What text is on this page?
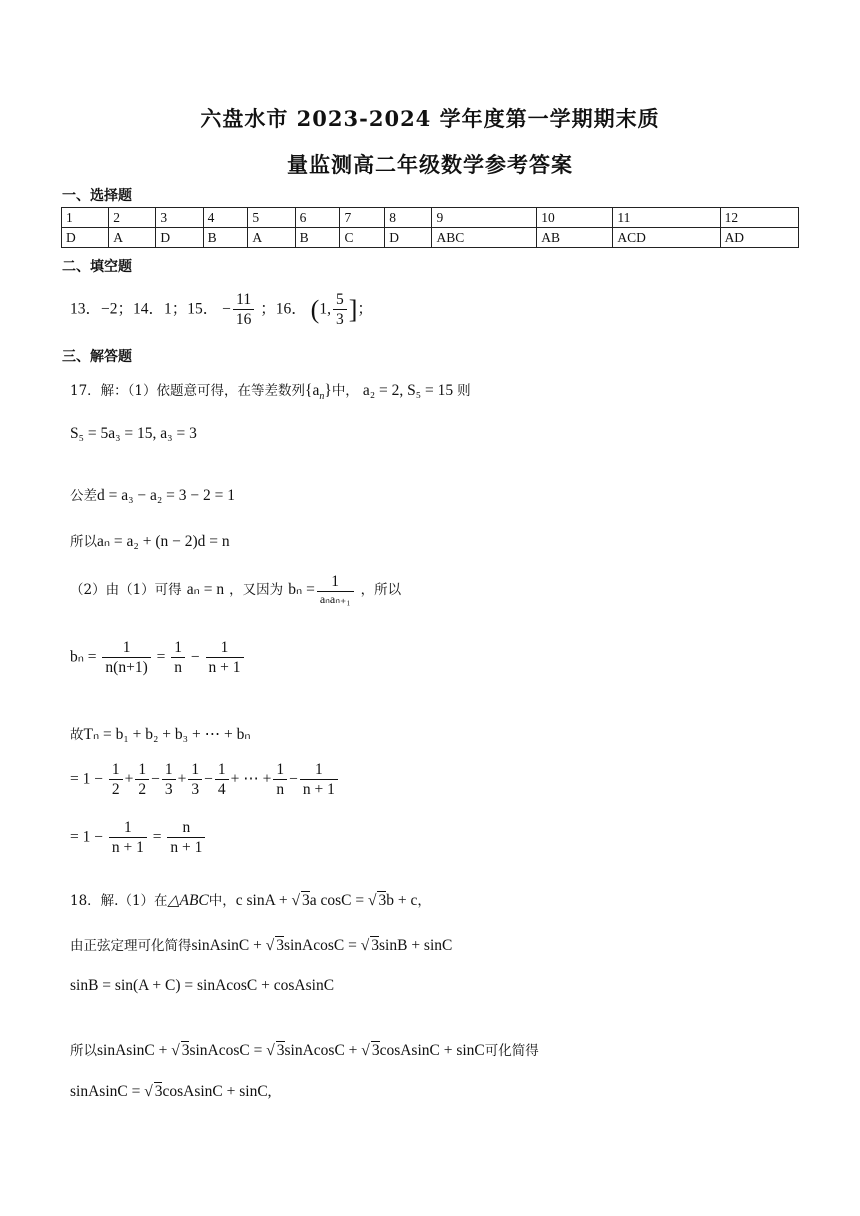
六盘水市 2023-2024 学年度第一学期期末质
量监测高二年级数学参考答案
一、选择题
1	2	3	4	5	6	7	8	9	10	11	12
D	A	D	B	A	B	C	D	ABC	AB	ACD	AD
二、填空题
13．−2；14．1；15． − $\frac{11}{16}$ ；16． (1, $\frac{5}{3}$ ]；
三、解答题
17．解：（1）依题意可得，在等差数列$\{a_n\}$中， a₂ = 2, S₅ = 15 则
S₅ = 5a₃ = 15, a₃ = 3
公差d = a₃ − a₂ = 3 − 2 = 1
所以aₙ = a₂ + (n − 2)d = n
（2）由（1）可得 aₙ = n ，又因为 $b_n = \frac{1}{\text{aₙaₙ₊₁}}$ ，所以
$b_n = \frac{1}{n(n+1)} = \frac{1}{n} - \frac{1}{n + 1}$
故Tₙ = b₁ + b₂ + b₃ + ⋯ + bₙ
= $1 - \frac{1}{2} + \frac{1}{2} - \frac{1}{3} + \frac{1}{3} - \frac{1}{4}$ + ⋯ + $\frac{1}{n} - \frac{1}{n + 1}$
= $1 - \frac{1}{n + 1} = \frac{n}{n + 1}$
18．解.（1）在△ABC中，c sinA + √ 3a cosC = √ 3b + c，
由正弦定理可化简得sinAsinC + √ 3sinAcosC = √ 3sinB + sinC
sinB = sin(A + C) = sinAcosC + cosAsinC
所以sinAsinC + √ 3sinAcosC = √ 3sinAcosC + √ 3cosAsinC + sinC可化简得
sinAsinC = √ 3cosAsinC + sinC,
